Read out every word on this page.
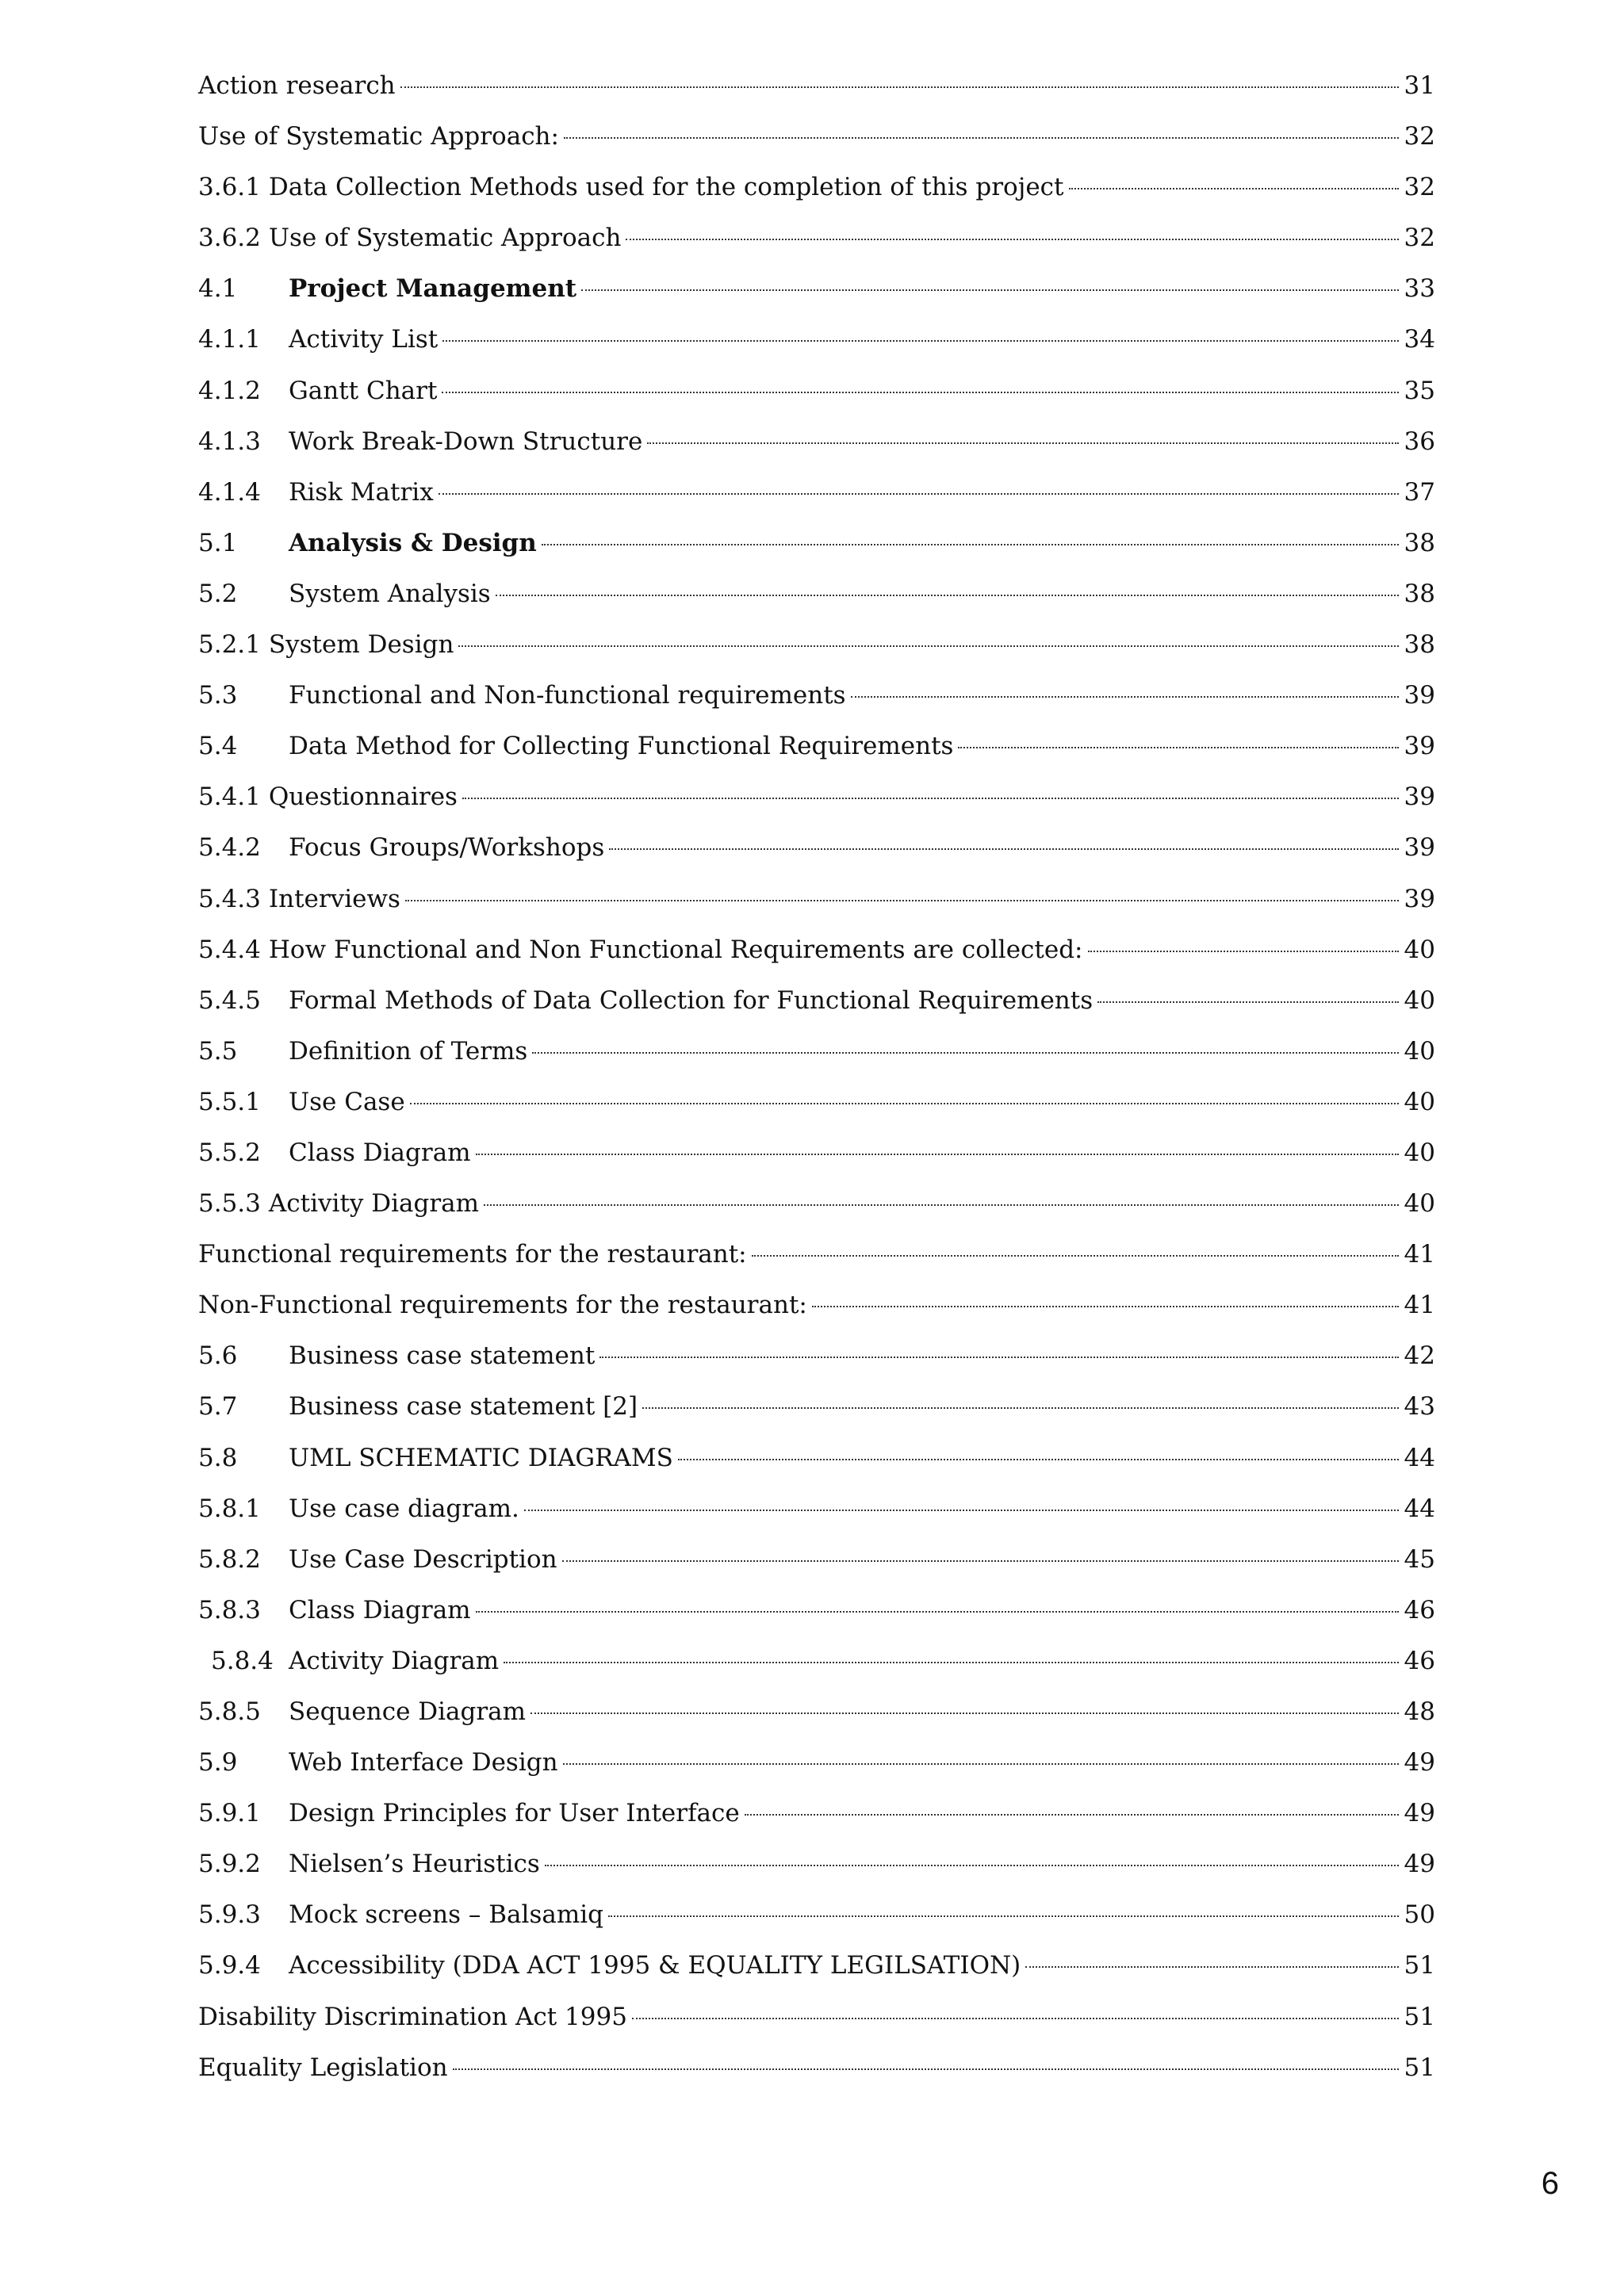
Action research	31
Use of Systematic Approach:	32
3.6.1 Data Collection Methods used for the completion of this project	32
3.6.2 Use of Systematic Approach	32
4.1	Project Management	33
4.1.1	Activity List	34
4.1.2	Gantt Chart	35
4.1.3	Work Break-Down Structure	36
4.1.4	Risk Matrix	37
5.1	Analysis & Design	38
5.2	System Analysis	38
5.2.1 System Design	38
5.3	Functional and Non-functional requirements	39
5.4	Data Method for Collecting Functional Requirements	39
5.4.1 Questionnaires	39
5.4.2	Focus Groups/Workshops	39
5.4.3 Interviews	39
5.4.4 How Functional and Non Functional Requirements are collected:	40
5.4.5	Formal Methods of Data Collection for Functional Requirements	40
5.5	Definition of Terms	40
5.5.1	Use Case	40
5.5.2	Class Diagram	40
5.5.3 Activity Diagram	40
Functional requirements for the restaurant:	41
Non-Functional requirements for the restaurant:	41
5.6	Business case statement	42
5.7	Business case statement [2]	43
5.8	UML SCHEMATIC DIAGRAMS	44
5.8.1	Use case diagram.	44
5.8.2	Use Case Description	45
5.8.3	Class Diagram	46
5.8.4 Activity Diagram	46
5.8.5	Sequence Diagram	48
5.9	Web Interface Design	49
5.9.1	Design Principles for User Interface	49
5.9.2	Nielsen’s Heuristics	49
5.9.3	Mock screens – Balsamiq	50
5.9.4	Accessibility (DDA ACT 1995 & EQUALITY LEGILSATION)	51
Disability Discrimination Act 1995	51
Equality Legislation	51
6
